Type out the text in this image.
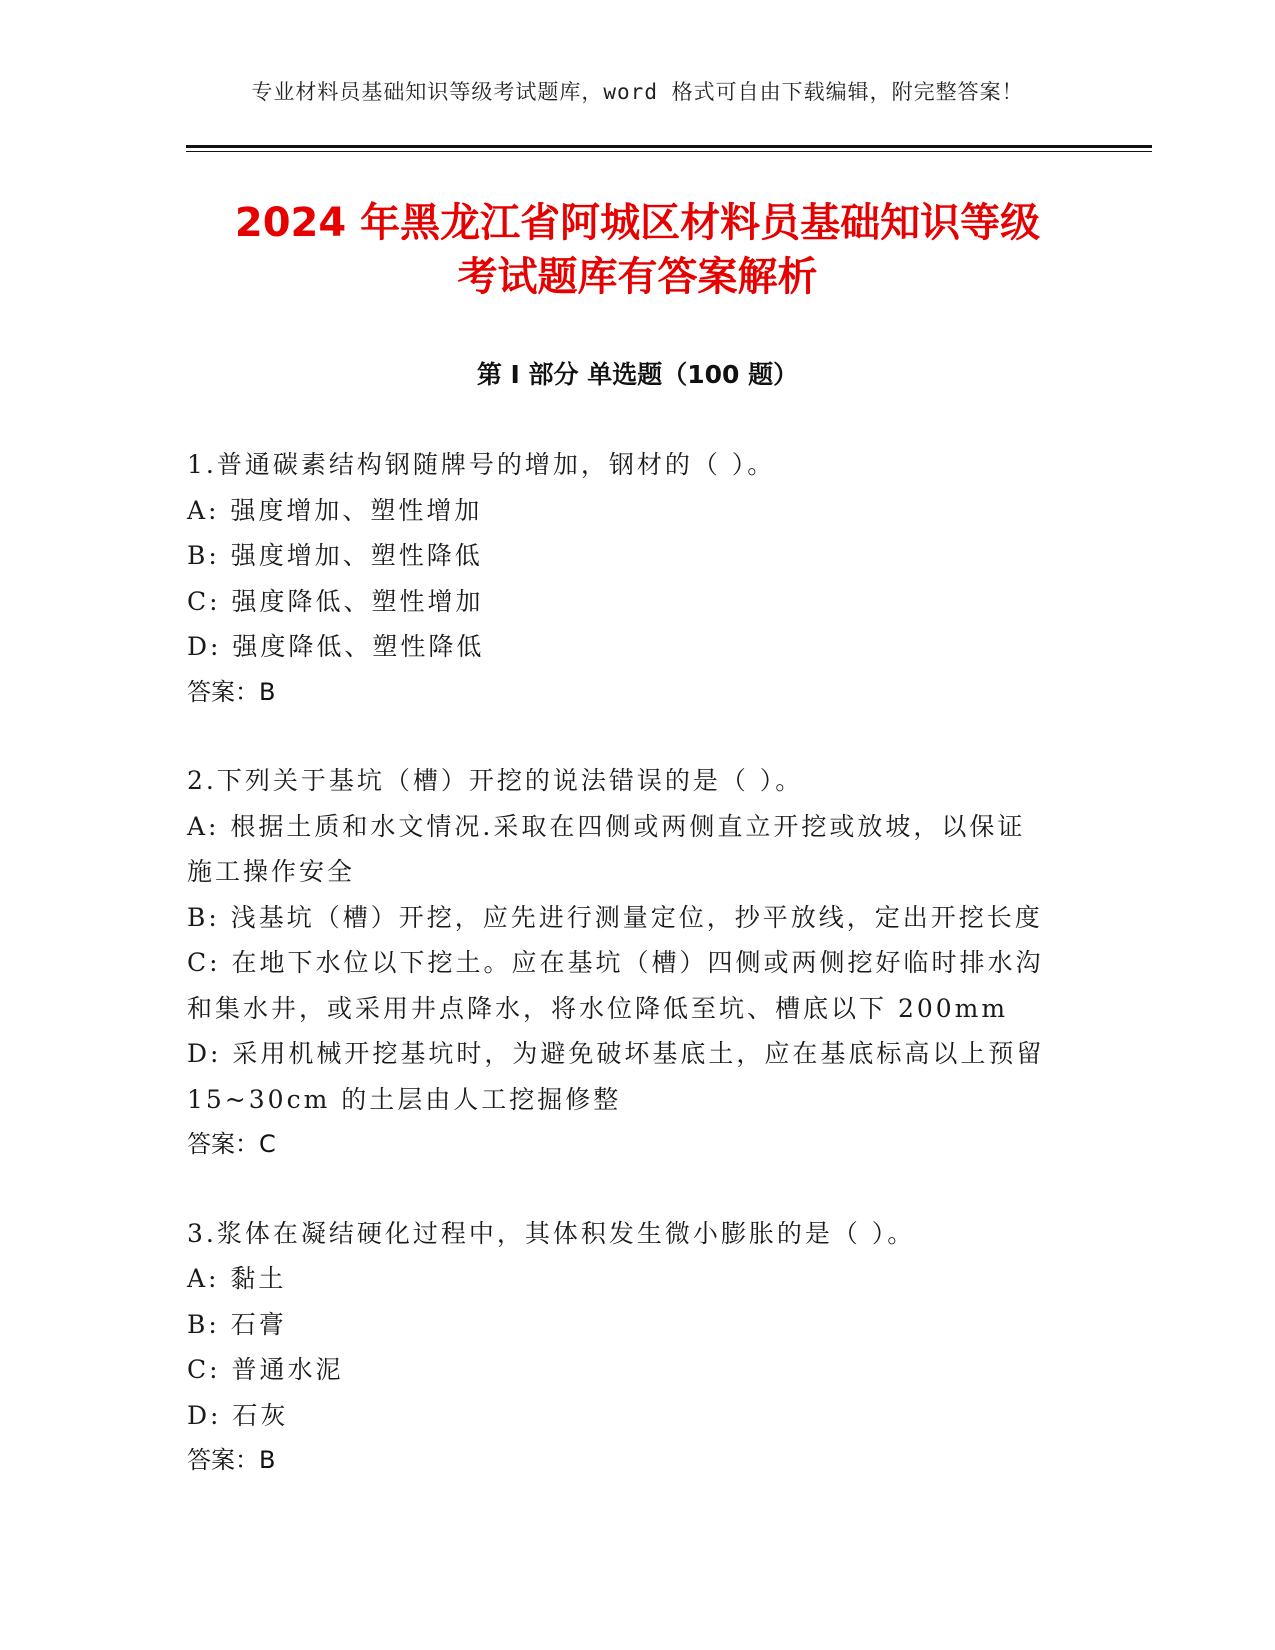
专业材料员基础知识等级考试题库，word 格式可自由下载编辑，附完整答案！
2024 年黑龙江省阿城区材料员基础知识等级
考试题库有答案解析
第 I 部分 单选题（100 题）
1.普通碳素结构钢随牌号的增加，钢材的（ ）。
A: 强度增加、塑性增加
B: 强度增加、塑性降低
C: 强度降低、塑性增加
D: 强度降低、塑性降低
答案：B
2.下列关于基坑（槽）开挖的说法错误的是（ ）。
A: 根据土质和水文情况.采取在四侧或两侧直立开挖或放坡，以保证
施工操作安全
B: 浅基坑（槽）开挖，应先进行测量定位，抄平放线，定出开挖长度
C: 在地下水位以下挖土。应在基坑（槽）四侧或两侧挖好临时排水沟
和集水井，或采用井点降水，将水位降低至坑、槽底以下 200mm
D: 采用机械开挖基坑时，为避免破坏基底土，应在基底标高以上预留
15~30cm 的土层由人工挖掘修整
答案：C
3.浆体在凝结硬化过程中，其体积发生微小膨胀的是（ ）。
A: 黏土
B: 石膏
C: 普通水泥
D: 石灰
答案：B
